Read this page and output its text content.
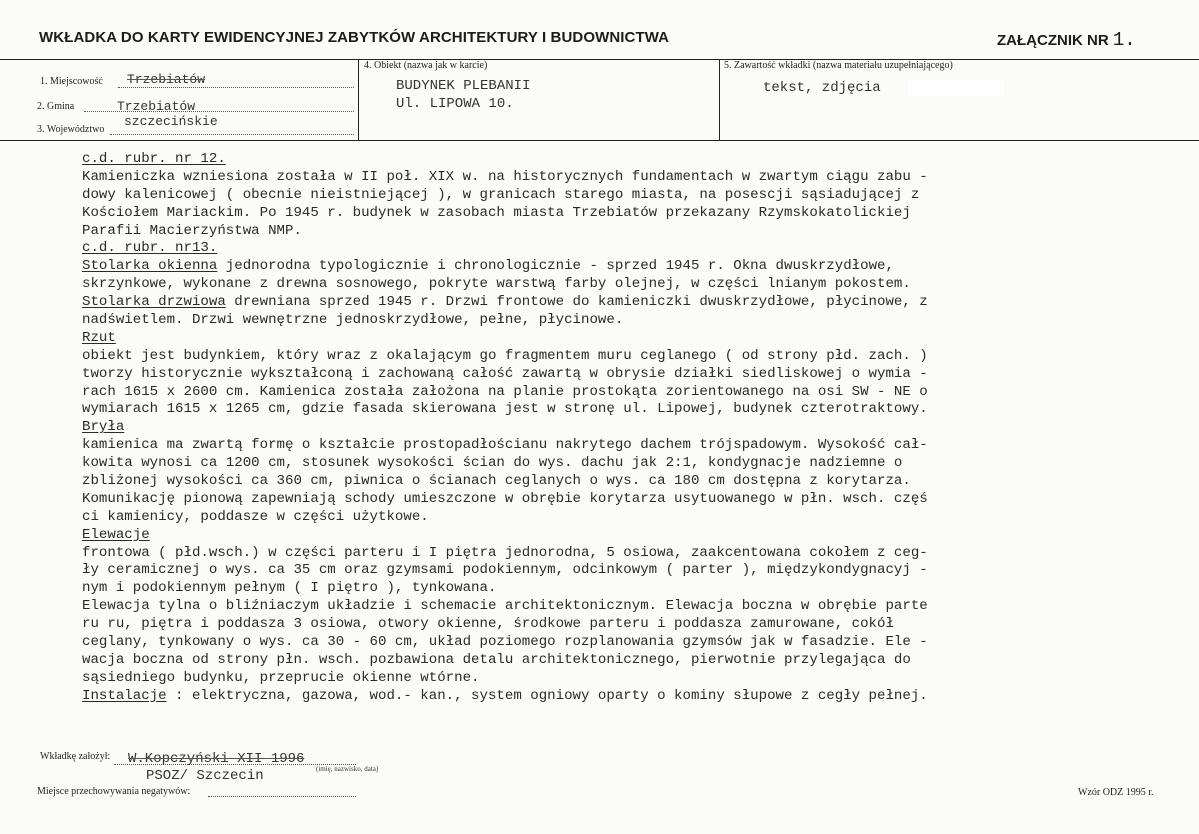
WKŁADKA DO KARTY EWIDENCYJNEJ ZABYTKÓW ARCHITEKTURY I BUDOWNICTWA	ZAŁĄCZNIK NR 1.
1. Miejscowość Trzebiatów
2. Gmina	Trzebiatów
3. Województwo
szczecińskie
4. Obiekt (nazwa jak w karcie)
BUDYNEK PLEBANII
Ul. LIPOWA 10.
5. Zawartość wkładki (nazwa materiału uzupełniającego)
tekst, zdjęcia
c.d. rubr. nr 12.
Kamieniczka wzniesiona została w II poł. XIX w. na historycznych fundamentach w zwartym ciągu zabu -
dowy kalenicowej ( obecnie nieistniejącej ), w granicach starego miasta, na posescji sąsiadującej z
Kościołem Mariackim. Po 1945 r. budynek w zasobach miasta Trzebiatów przekazany Rzymskokatolickiej
Parafii Macierzyństwa NMP.
c.d. rubr. nr13.
Stolarka okienna jednorodna typologicznie i chronologicznie - sprzed 1945 r. Okna dwuskrzydłowe,
skrzynkowe, wykonane z drewna sosnowego, pokryte warstwą farby olejnej, w części lnianym pokostem.
Stolarka drzwiowa drewniana sprzed 1945 r. Drzwi frontowe do kamieniczki dwuskrzydłowe, płycinowe, z
nadświetlem. Drzwi wewnętrzne jednoskrzydłowe, pełne, płycinowe.
Rzut
obiekt jest budynkiem, który wraz z okalającym go fragmentem muru ceglanego ( od strony płd. zach. )
tworzy historycznie wykształconą i zachowaną całość zawartą w obrysie działki siedliskowej o wymia -
rach 1615 x 2600 cm. Kamienica została założona na planie prostokąta zorientowanego na osi SW - NE o
wymiarach 1615 x 1265 cm, gdzie fasada skierowana jest w stronę ul. Lipowej, budynek czterotraktowy.
Bryła
kamienica ma zwartą formę o kształcie prostopadłościanu nakrytego dachem trójspadowym. Wysokość cał-
kowita wynosi ca 1200 cm, stosunek wysokości ścian do wys. dachu jak 2:1, kondygnacje nadziemne o
zbliżonej wysokości ca 360 cm, piwnica o ścianach ceglanych o wys. ca 180 cm dostępna z korytarza.
Komunikację pionową zapewniają schody umieszczone w obrębie korytarza usytuowanego w płn. wsch. częś
ci kamienicy, poddasze w części użytkowe.
Elewacje
frontowa ( płd.wsch.) w części parteru i I piętra jednorodna, 5 osiowa, zaakcentowana cokołem z ceg-
ły ceramicznej o wys. ca 35 cm oraz gzymsami podokiennym, odcinkowym ( parter ), międzykondygnacyj -
nym i podokiennym pełnym ( I piętro ), tynkowana.
Elewacja tylna o bliźniaczym układzie i schemacie architektonicznym. Elewacja boczna w obrębie parte
ru ru, piętra i poddasza 3 osiowa, otwory okienne, środkowe parteru i poddasza zamurowane, cokół
ceglany, tynkowany o wys. ca 30 - 60 cm, układ poziomego rozplanowania gzymsów jak w fasadzie. Ele -
wacja boczna od strony płn. wsch. pozbawiona detalu architektonicznego, pierwotnie przylegająca do
sąsiedniego budynku, przeprucie okienne wtórne.
Instalacje : elektryczna, gazowa, wod.- kan., system ogniowy oparty o kominy słupowe z cegły pełnej.
Wkładkę założył: W.Kopczyński XII 1996
(imię, nazwisko, data)
PSOZ/ Szczecin
Miejsce przechowywania negatywów:	Wzór ODZ 1995 r.
